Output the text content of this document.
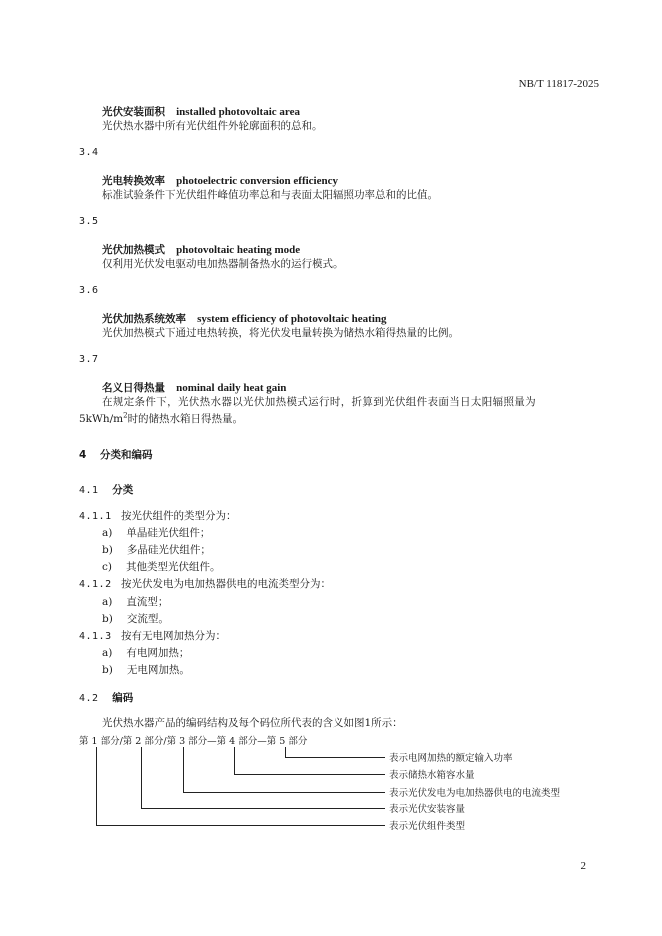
NB/T 11817-2025
光伏安装面积 installed photovoltaic area
光伏热水器中所有光伏组件外轮廓面积的总和。
3.4
光电转换效率 photoelectric conversion efficiency
标准试验条件下光伏组件峰值功率总和与表面太阳辐照功率总和的比值。
3.5
光伏加热模式 photovoltaic heating mode
仅利用光伏发电驱动电加热器制备热水的运行模式。
3.6
光伏加热系统效率 system efficiency of photovoltaic heating
光伏加热模式下通过电热转换，将光伏发电量转换为储热水箱得热量的比例。
3.7
名义日得热量 nominal daily heat gain
在规定条件下，光伏热水器以光伏加热模式运行时，折算到光伏组件表面当日太阳辐照量为
$5kWh/m^2$时的储热水箱日得热量。
4 分类和编码
4.1 分类
4.1.1 按光伏组件的类型分为：
a) 单晶硅光伏组件；
b) 多晶硅光伏组件；
c) 其他类型光伏组件。
4.1.2 按光伏发电为电加热器供电的电流类型分为：
a) 直流型；
b) 交流型。
4.1.3 按有无电网加热分为：
a) 有电网加热；
b) 无电网加热。
4.2 编码
光伏热水器产品的编码结构及每个码位所代表的含义如图1所示：
第 1 部分/第 2 部分/第 3 部分—第 4 部分—第 5 部分
表示电网加热的额定输入功率
表示储热水箱容水量
表示光伏发电为电加热器供电的电流类型
表示光伏安装容量
表示光伏组件类型
2
